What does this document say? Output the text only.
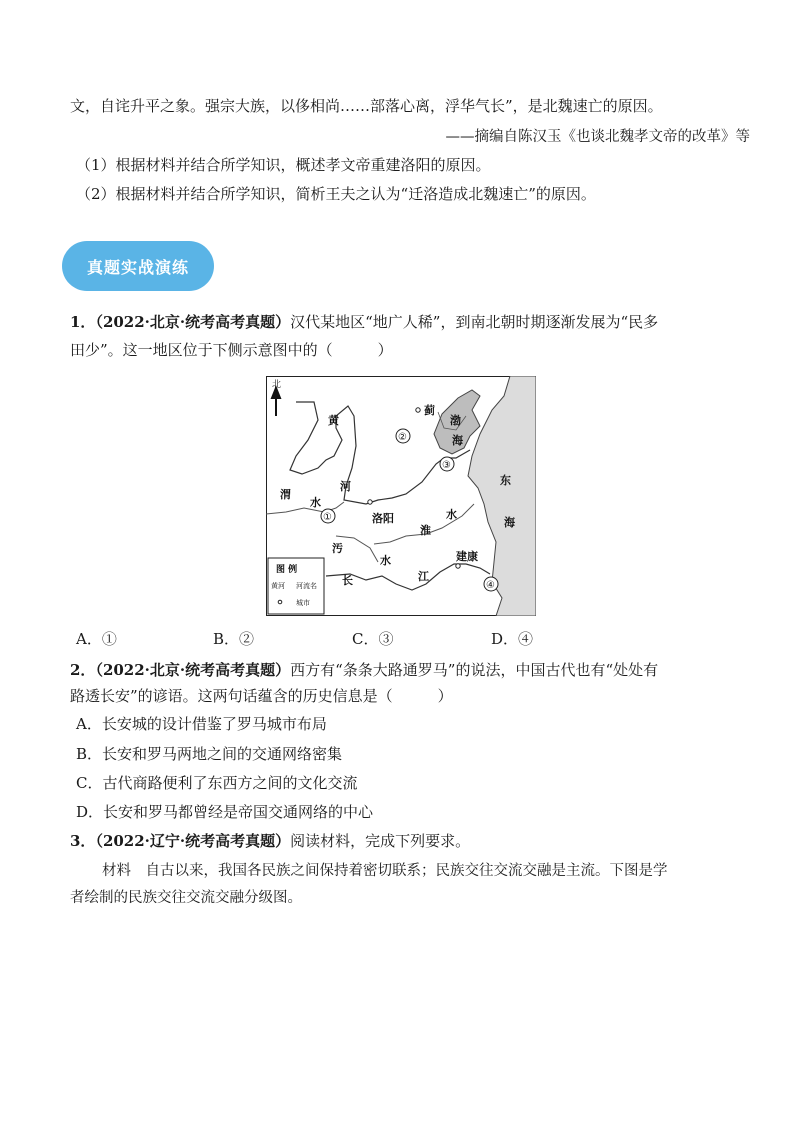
文，自诧升平之象。强宗大族，以侈相尚……部落心离，浮华气长”，是北魏速亡的原因。
——摘编自陈汉玉《也谈北魏孝文帝的改革》等
（1）根据材料并结合所学知识，概述孝文帝重建洛阳的原因。
（2）根据材料并结合所学知识，简析王夫之认为“迁洛造成北魏速亡”的原因。
真题实战演练
1．（2022·北京·统考高考真题）汉代某地区“地广人稀”，到南北朝时期逐渐发展为“民多
田少”。这一地区位于下侧示意图中的（　　　）
北
黄
河
渭
水
蓟
渤
海
东
海
洛阳
淮
水
汚
水
长	江
建康
①
②
③
④
图 例
黄河 河流名
城市
A．①	B．②	C．③	D．④
2．（2022·北京·统考高考真题）西方有“条条大路通罗马”的说法，中国古代也有“处处有
路透长安”的谚语。这两句话蕴含的历史信息是（　　　）
A．长安城的设计借鉴了罗马城市布局
B．长安和罗马两地之间的交通网络密集
C．古代商路便利了东西方之间的文化交流
D．长安和罗马都曾经是帝国交通网络的中心
3．（2022·辽宁·统考高考真题）阅读材料，完成下列要求。
材料　自古以来，我国各民族之间保持着密切联系；民族交往交流交融是主流。下图是学
者绘制的民族交往交流交融分级图。
